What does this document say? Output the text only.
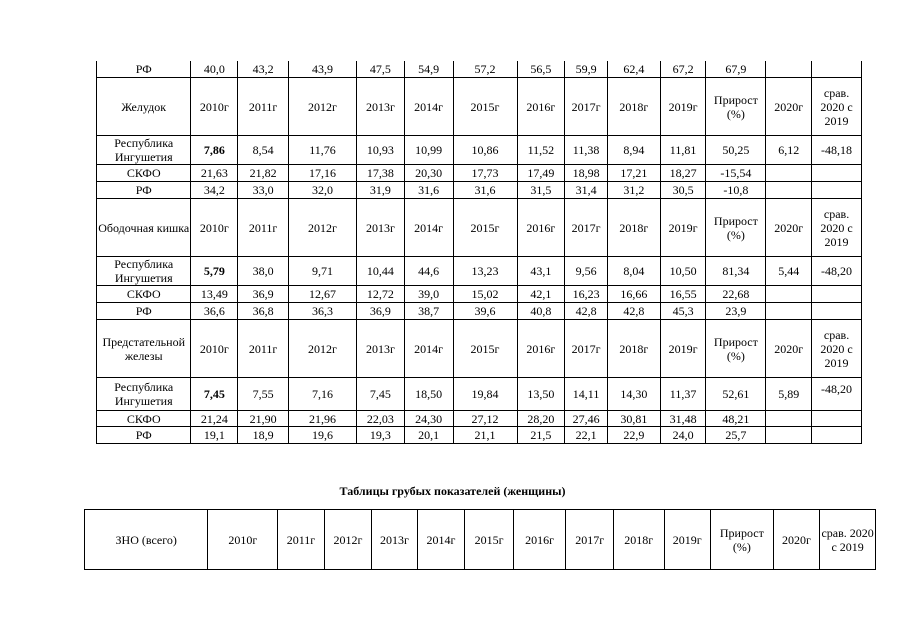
РФ	40,0	43,2	43,9	47,5	54,9	57,2	56,5	59,9	62,4	67,2	67,9		
Желудок	2010г	2011г	2012г	2013г	2014г	2015г	2016г	2017г	2018г	2019г	Прирост (%)	2020г	срав. 2020 с 2019
Республика Ингушетия	7,86	8,54	11,76	10,93	10,99	10,86	11,52	11,38	8,94	11,81	50,25	6,12	-48,18
СКФО	21,63	21,82	17,16	17,38	20,30	17,73	17,49	18,98	17,21	18,27	-15,54		
РФ	34,2	33,0	32,0	31,9	31,6	31,6	31,5	31,4	31,2	30,5	-10,8		
Ободочная кишка	2010г	2011г	2012г	2013г	2014г	2015г	2016г	2017г	2018г	2019г	Прирост (%)	2020г	срав. 2020 с 2019
Республика Ингушетия	5,79	38,0	9,71	10,44	44,6	13,23	43,1	9,56	8,04	10,50	81,34	5,44	-48,20
СКФО	13,49	36,9	12,67	12,72	39,0	15,02	42,1	16,23	16,66	16,55	22,68		
РФ	36,6	36,8	36,3	36,9	38,7	39,6	40,8	42,8	42,8	45,3	23,9		
Предстательной железы	2010г	2011г	2012г	2013г	2014г	2015г	2016г	2017г	2018г	2019г	Прирост (%)	2020г	срав. 2020 с 2019
Республика Ингушетия	7,45	7,55	7,16	7,45	18,50	19,84	13,50	14,11	14,30	11,37	52,61	5,89	-48,20
СКФО	21,24	21,90	21,96	22,03	24,30	27,12	28,20	27,46	30,81	31,48	48,21		
РФ	19,1	18,9	19,6	19,3	20,1	21,1	21,5	22,1	22,9	24,0	25,7		
Таблицы грубых показателей (женщины)
ЗНО (всего)	2010г	2011г	2012г	2013г	2014г	2015г	2016г	2017г	2018г	2019г	Прирост (%)	2020г	срав. 2020 с 2019
